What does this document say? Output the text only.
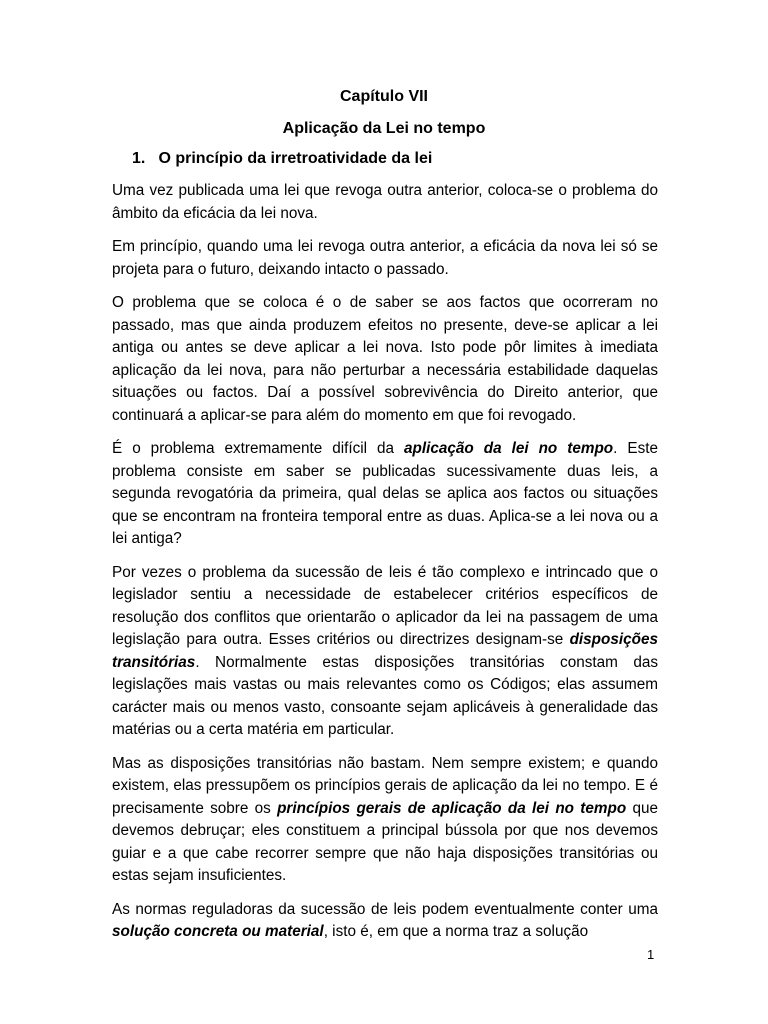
Capítulo VII
Aplicação da Lei no tempo
1. O princípio da irretroatividade da lei

Uma vez publicada uma lei que revoga outra anterior, coloca-se o problema do âmbito da eficácia da lei nova.

Em princípio, quando uma lei revoga outra anterior, a eficácia da nova lei só se projeta para o futuro, deixando intacto o passado.

O problema que se coloca é o de saber se aos factos que ocorreram no passado, mas que ainda produzem efeitos no presente, deve-se aplicar a lei antiga ou antes se deve aplicar a lei nova. Isto pode pôr limites à imediata aplicação da lei nova, para não perturbar a necessária estabilidade daquelas situações ou factos. Daí a possível sobrevivência do Direito anterior, que continuará a aplicar-se para além do momento em que foi revogado.

É o problema extremamente difícil da aplicação da lei no tempo. Este problema consiste em saber se publicadas sucessivamente duas leis, a segunda revogatória da primeira, qual delas se aplica aos factos ou situações que se encontram na fronteira temporal entre as duas. Aplica-se a lei nova ou a lei antiga?

Por vezes o problema da sucessão de leis é tão complexo e intrincado que o legislador sentiu a necessidade de estabelecer critérios específicos de resolução dos conflitos que orientarão o aplicador da lei na passagem de uma legislação para outra. Esses critérios ou directrizes designam-se disposições transitórias. Normalmente estas disposições transitórias constam das legislações mais vastas ou mais relevantes como os Códigos; elas assumem carácter mais ou menos vasto, consoante sejam aplicáveis à generalidade das matérias ou a certa matéria em particular.

Mas as disposições transitórias não bastam. Nem sempre existem; e quando existem, elas pressupõem os princípios gerais de aplicação da lei no tempo. E é precisamente sobre os princípios gerais de aplicação da lei no tempo que devemos debruçar; eles constituem a principal bússola por que nos devemos guiar e a que cabe recorrer sempre que não haja disposições transitórias ou estas sejam insuficientes.

As normas reguladoras da sucessão de leis podem eventualmente conter uma solução concreta ou material, isto é, em que a norma traz a solução

1
